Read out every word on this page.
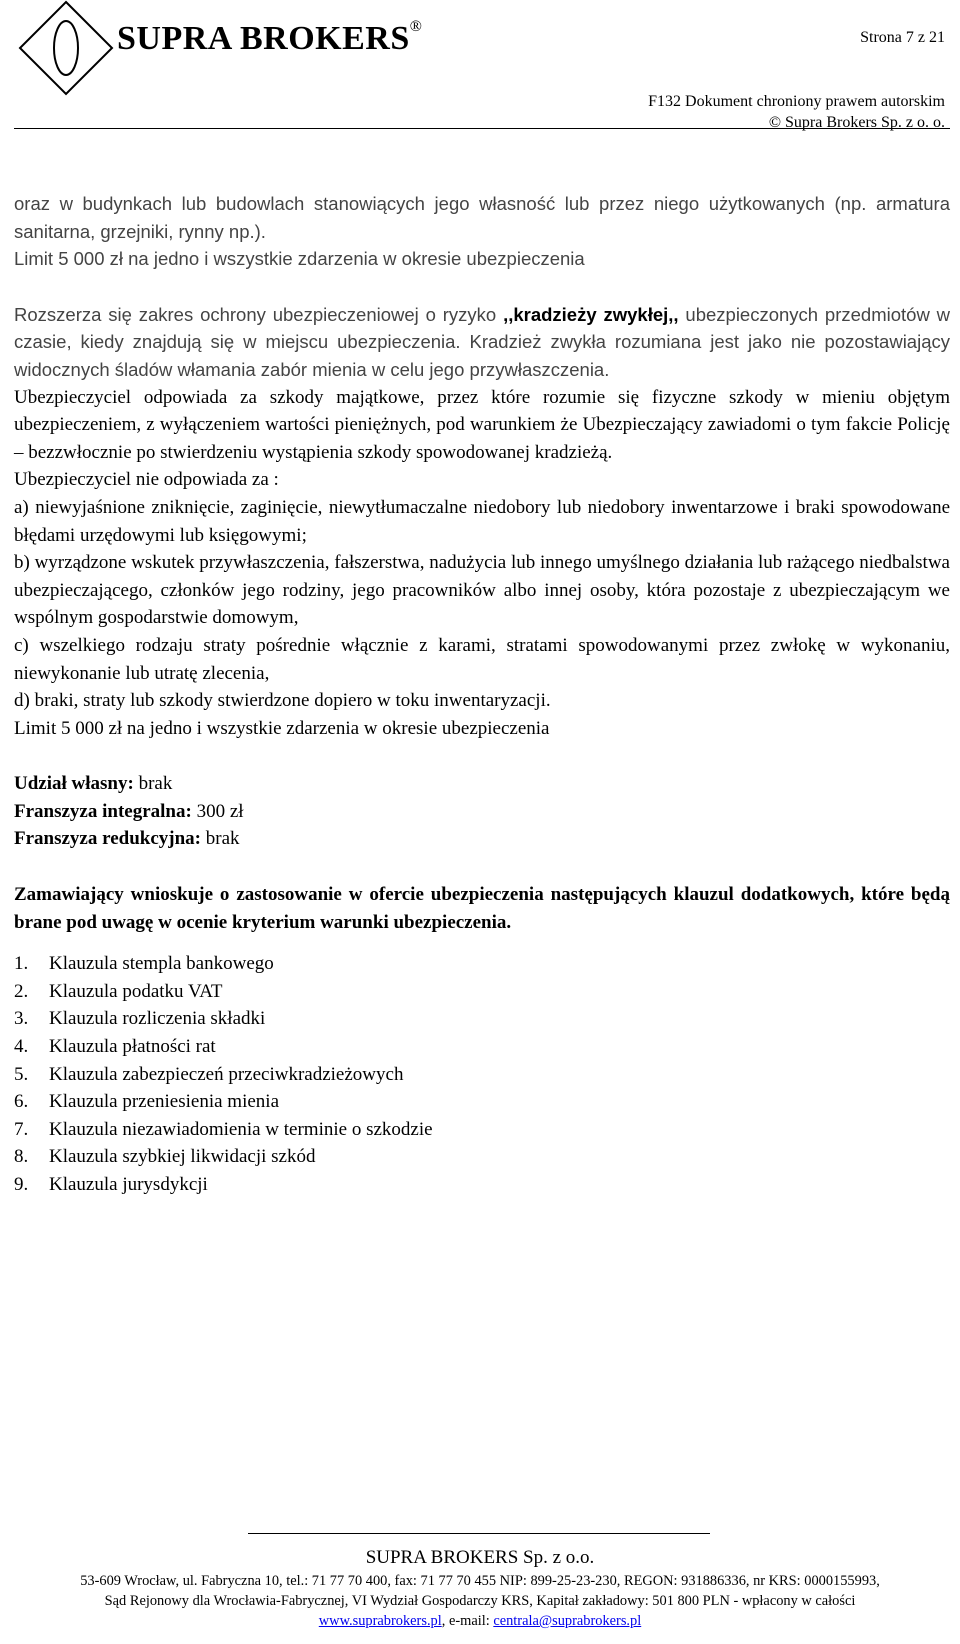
SUPRA BROKERS®
Strona 7 z 21
F132 Dokument chroniony prawem autorskim
© Supra Brokers Sp. z o. o.

oraz w budynkach lub budowlach stanowiących jego własność lub przez niego użytkowanych (np. armatura sanitarna, grzejniki, rynny np.).

Limit 5 000 zł na jedno i wszystkie zdarzenia w okresie ubezpieczenia

Rozszerza się zakres ochrony ubezpieczeniowej o ryzyko ,,kradzieży zwykłej,, ubezpieczonych przedmiotów w czasie, kiedy znajdują się w miejscu ubezpieczenia. Kradzież zwykła rozumiana jest jako nie pozostawiający widocznych śladów włamania zabór mienia w celu jego przywłaszczenia.

Ubezpieczyciel odpowiada za szkody majątkowe, przez które rozumie się fizyczne szkody w mieniu objętym ubezpieczeniem, z wyłączeniem wartości pieniężnych, pod warunkiem że Ubezpieczający zawiadomi o tym fakcie Policję – bezzwłocznie po stwierdzeniu wystąpienia szkody spowodowanej kradzieżą.

Ubezpieczyciel nie odpowiada za :

a) niewyjaśnione zniknięcie, zaginięcie, niewytłumaczalne niedobory lub niedobory inwentarzowe i braki spowodowane błędami urzędowymi lub księgowymi;

b) wyrządzone wskutek przywłaszczenia, fałszerstwa, nadużycia lub innego umyślnego działania lub rażącego niedbalstwa ubezpieczającego, członków jego rodziny, jego pracowników albo innej osoby, która pozostaje z ubezpieczającym we wspólnym gospodarstwie domowym,

c) wszelkiego rodzaju straty pośrednie włącznie z karami, stratami spowodowanymi przez zwłokę w wykonaniu, niewykonanie lub utratę zlecenia,

d) braki, straty lub szkody stwierdzone dopiero w toku inwentaryzacji.

Limit 5 000 zł na jedno i wszystkie zdarzenia w okresie ubezpieczenia

Udział własny: brak

Franszyza integralna: 300 zł

Franszyza redukcyjna: brak

Zamawiający wnioskuje o zastosowanie w ofercie ubezpieczenia następujących klauzul dodatkowych, które będą brane pod uwagę w ocenie kryterium warunki ubezpieczenia.

1.	Klauzula stempla bankowego
2.	Klauzula podatku VAT
3.	Klauzula rozliczenia składki
4.	Klauzula płatności rat
5.	Klauzula zabezpieczeń przeciwkradzieżowych
6.	Klauzula przeniesienia mienia
7.	Klauzula niezawiadomienia w terminie o szkodzie
8.	Klauzula szybkiej likwidacji szkód
9.	Klauzula jurysdykcji
SUPRA BROKERS Sp. z o.o.
53-609 Wrocław, ul. Fabryczna 10, tel.: 71 77 70 400, fax: 71 77 70 455 NIP: 899-25-23-230, REGON: 931886336, nr KRS: 0000155993,
Sąd Rejonowy dla Wrocławia-Fabrycznej, VI Wydział Gospodarczy KRS, Kapitał zakładowy: 501 800 PLN - wpłacony w całości
www.suprabrokers.pl, e-mail: centrala@suprabrokers.pl
